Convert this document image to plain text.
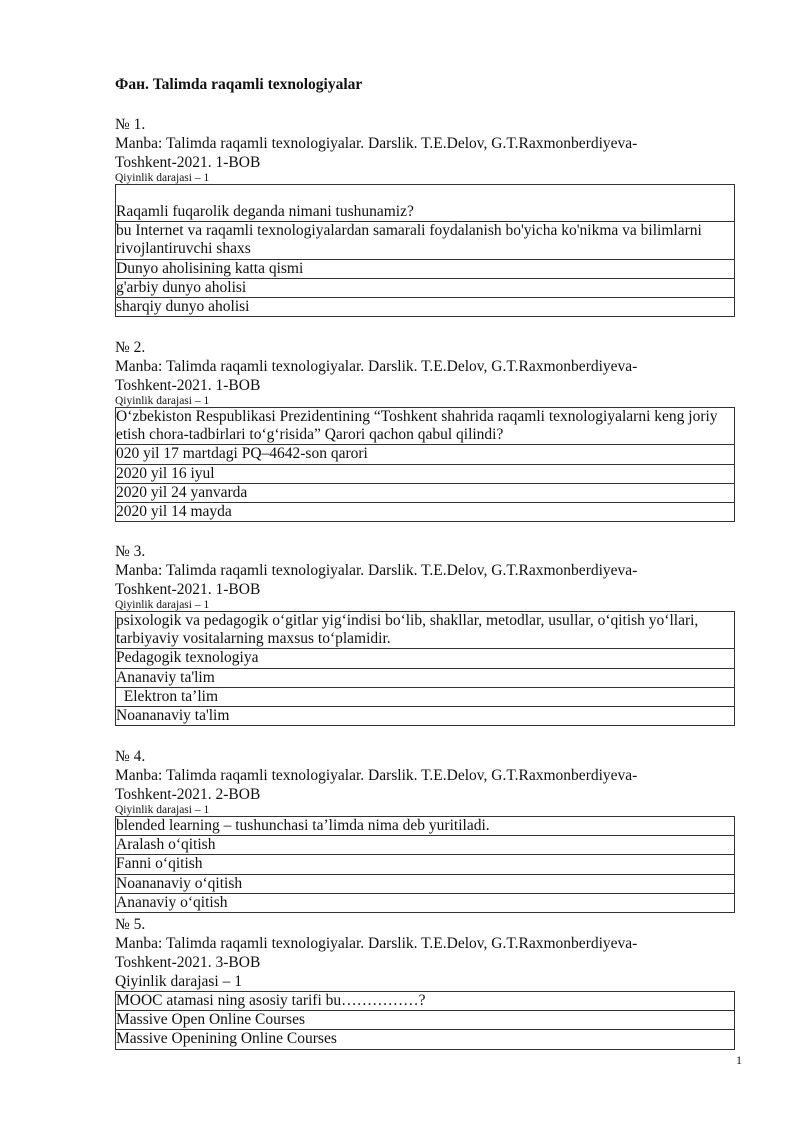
Фан. Talimda raqamli texnologiyalar
№ 1.
Manba: Talimda raqamli texnologiyalar. Darslik. T.E.Delov, G.T.Raxmonberdiyeva-
Toshkent-2021. 1-BOB
Qiyinlik darajasi – 1
Raqamli fuqarolik deganda nimani tushunamiz?
bu Internet va raqamli texnologiyalardan samarali foydalanish bo'yicha ko'nikma va bilimlarni rivojlantiruvchi shaxs
Dunyo aholisining katta qismi
g'arbiy dunyo aholisi
sharqiy dunyo aholisi
№ 2.
Manba: Talimda raqamli texnologiyalar. Darslik. T.E.Delov, G.T.Raxmonberdiyeva-
Toshkent-2021. 1-BOB
Qiyinlik darajasi – 1
O‘zbekiston Respublikasi Prezidentining “Toshkent shahrida raqamli texnologiyalarni keng joriy etish chora-tadbirlari to‘g‘risida” Qarori qachon qabul qilindi?
020 yil 17 martdagi PQ–4642-son qarori
2020 yil 16 iyul
2020 yil 24 yanvarda
2020 yil 14 mayda
№ 3.
Manba: Talimda raqamli texnologiyalar. Darslik. T.E.Delov, G.T.Raxmonberdiyeva-
Toshkent-2021. 1-BOB
Qiyinlik darajasi – 1
psixologik va pedagogik o‘gitlar yig‘indisi bo‘lib, shakllar, metodlar, usullar, o‘qitish yo‘llari, tarbiyaviy vositalarning maxsus to‘plamidir.
Pedagogik texnologiya
Ananaviy ta'lim
Elektron ta’lim
Noananaviy ta'lim
№ 4.
Manba: Talimda raqamli texnologiyalar. Darslik. T.E.Delov, G.T.Raxmonberdiyeva-
Toshkent-2021. 2-BOB
Qiyinlik darajasi – 1
blended learning – tushunchasi ta’limda nima deb yuritiladi.
Aralash o‘qitish
Fanni o‘qitish
Noananaviy o‘qitish
Ananaviy o‘qitish
№ 5.
Manba: Talimda raqamli texnologiyalar. Darslik. T.E.Delov, G.T.Raxmonberdiyeva-
Toshkent-2021. 3-BOB
Qiyinlik darajasi – 1
MOOC atamasi ning asosiy tarifi bu……………?
Massive Open Online Courses
Massive Openining Online Courses
1
